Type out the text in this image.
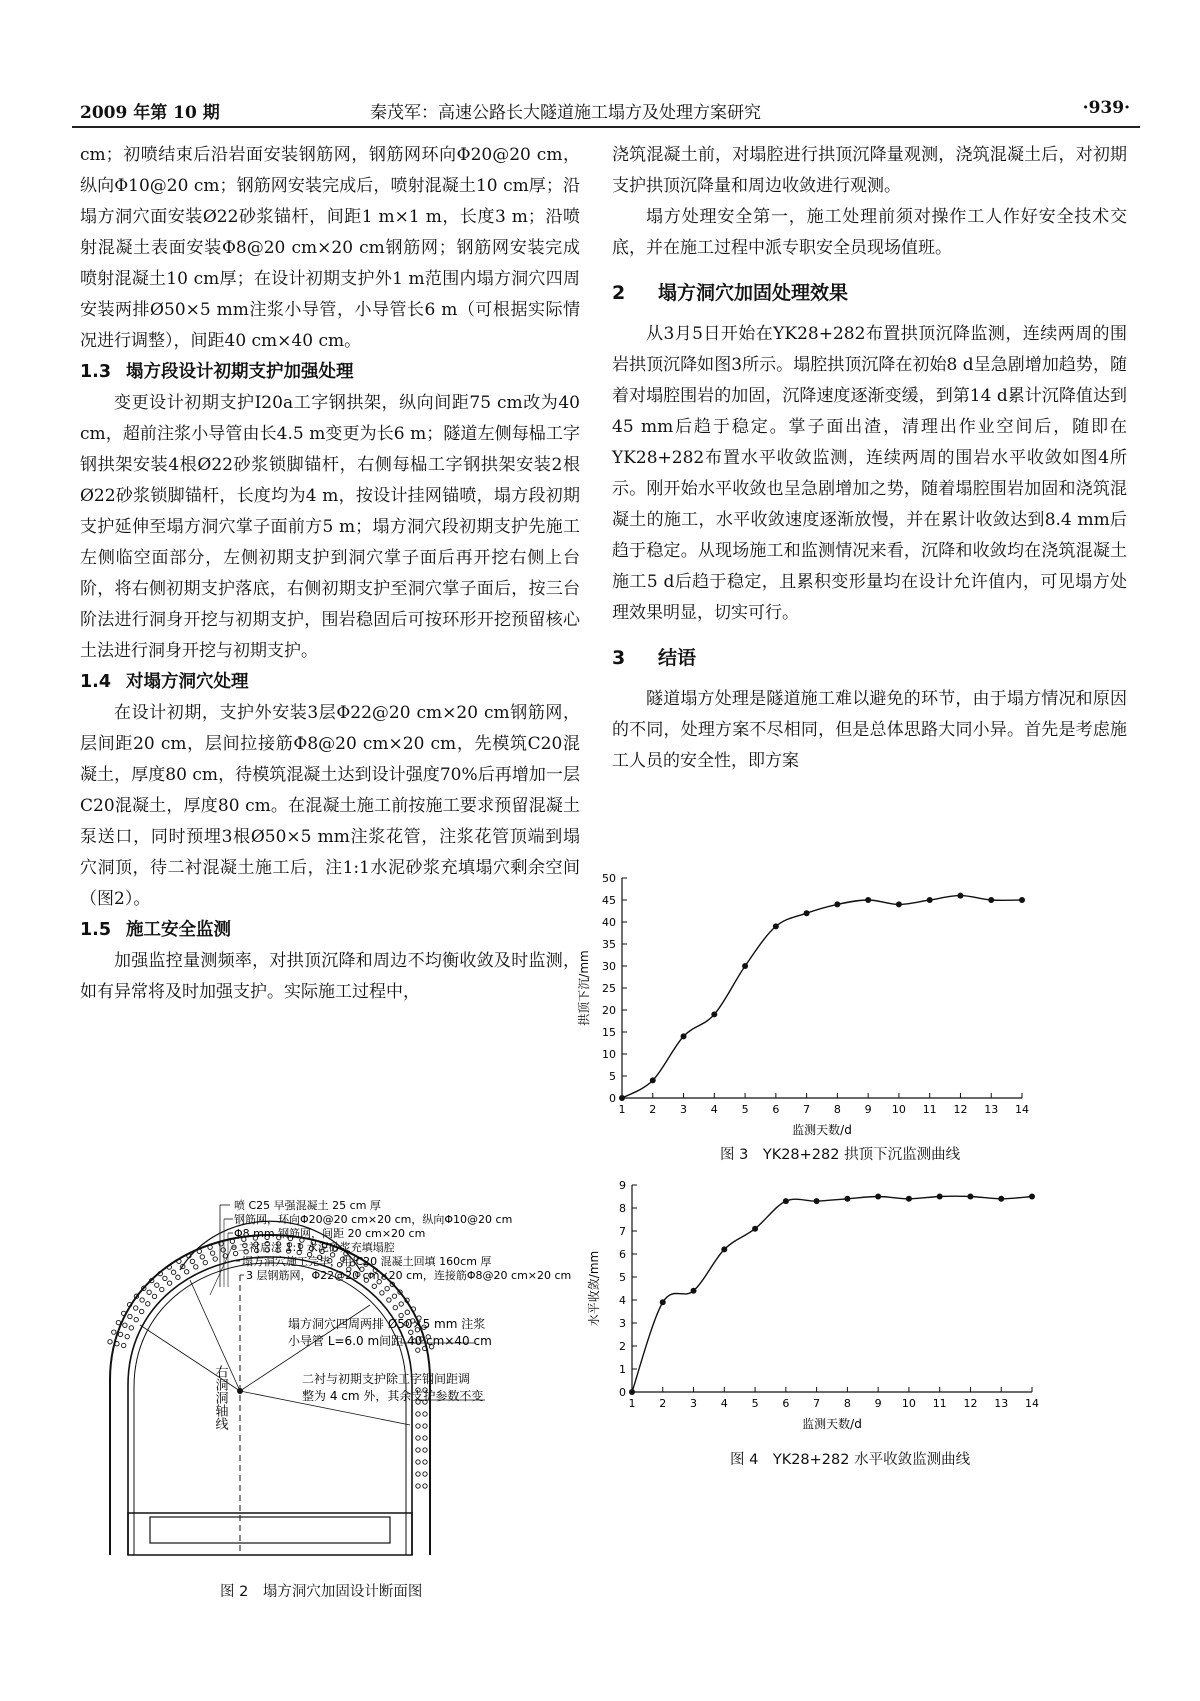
2009 年第 10 期	秦茂军：高速公路长大隧道施工塌方及处理方案研究	·939·

cm；初喷结束后沿岩面安装钢筋网，钢筋网环向Φ20@20 cm，纵向Φ10@20 cm；钢筋网安装完成后，喷射混凝土10 cm厚；沿塌方洞穴面安装Ø22砂浆锚杆，间距1 m×1 m，长度3 m；沿喷射混凝土表面安装Φ8@20 cm×20 cm钢筋网；钢筋网安装完成喷射混凝土10 cm厚；在设计初期支护外1 m范围内塌方洞穴四周安装两排Ø50×5 mm注浆小导管，小导管长6 m（可根据实际情况进行调整），间距40 cm×40 cm。

1.3 塌方段设计初期支护加强处理

变更设计初期支护I20a工字钢拱架，纵向间距75 cm改为40 cm，超前注浆小导管由长4.5 m变更为长6 m；隧道左侧每榀工字钢拱架安装4根Ø22砂浆锁脚锚杆，右侧每榀工字钢拱架安装2根Ø22砂浆锁脚锚杆，长度均为4 m，按设计挂网锚喷，塌方段初期支护延伸至塌方洞穴掌子面前方5 m；塌方洞穴段初期支护先施工左侧临空面部分，左侧初期支护到洞穴掌子面后再开挖右侧上台阶，将右侧初期支护落底，右侧初期支护至洞穴掌子面后，按三台阶法进行洞身开挖与初期支护，围岩稳固后可按环形开挖预留核心土法进行洞身开挖与初期支护。

1.4 对塌方洞穴处理

在设计初期，支护外安装3层Φ22@20 cm×20 cm钢筋网，层间距20 cm，层间拉接筋Φ8@20 cm×20 cm，先模筑C20混凝土，厚度80 cm，待模筑混凝土达到设计强度70%后再增加一层C20混凝土，厚度80 cm。在混凝土施工前按施工要求预留混凝土泵送口，同时预埋3根Ø50×5 mm注浆花管，注浆花管顶端到塌穴洞顶，待二衬混凝土施工后，注1:1水泥砂浆充填塌穴剩余空间（图2）。

1.5 施工安全监测

加强监控量测频率，对拱顶沉降和周边不均衡收敛及时监测，如有异常将及时加强支护。实际施工过程中，

浇筑混凝土前，对塌腔进行拱顶沉降量观测，浇筑混凝土后，对初期支护拱顶沉降量和周边收敛进行观测。

塌方处理安全第一，施工处理前须对操作工人作好安全技术交底，并在施工过程中派专职安全员现场值班。

2 塌方洞穴加固处理效果

从3月5日开始在YK28+282布置拱顶沉降监测，连续两周的围岩拱顶沉降如图3所示。塌腔拱顶沉降在初始8 d呈急剧增加趋势，随着对塌腔围岩的加固，沉降速度逐渐变缓，到第14 d累计沉降值达到45 mm后趋于稳定。掌子面出渣，清理出作业空间后，随即在YK28+282布置水平收敛监测，连续两周的围岩水平收敛如图4所示。刚开始水平收敛也呈急剧增加之势，随着塌腔围岩加固和浇筑混凝土的施工，水平收敛速度逐渐放慢，并在累计收敛达到8.4 mm后趋于稳定。从现场施工和监测情况来看，沉降和收敛均在浇筑混凝土施工5 d后趋于稳定，且累积变形量均在设计允许值内，可见塌方处理效果明显，切实可行。

3 结语

隧道塌方处理是隧道施工难以避免的环节，由于塌方情况和原因的不同，处理方案不尽相同，但是总体思路大同小异。首先是考虑施工人员的安全性，即方案

右洞洞轴线
喷 C25 早强混凝土 25 cm 厚
钢筋网，环向Φ20@20 cm×20 cm，纵向Φ10@20 cm
Φ8 mm 钢筋网，间距 20 cm×20 cm
二衬后注 1:1 水泥砂浆充填塌腔
塌方洞穴施工完毕，用 C20 混凝土回填 160cm 厚
3 层钢筋网，Φ22@20 cm×20 cm，连接筋Φ8@20 cm×20 cm
塌方洞穴四周两排 Ø50×5 mm 注浆
小导管 L=6.0 m间距 40 cm×40 cm
二衬与初期支护除工字钢间距调
整为 4 cm 外，其余支护参数不变
图 2　塌方洞穴加固设计断面图
0
5
10
15
20
25
30
35
40
45
50
1 2 3 4 5 6 7 8 9 10 11 12 13 14
监测天数/d
拱顶下沉/mm
图 3　YK28+282 拱顶下沉监测曲线
0
1
2
3
4
5
6
7
8
9
1 2 3 4 5 6 7 8 9 10 11 12 13 14
监测天数/d
水平收敛/mm
图 4　YK28+282 水平收敛监测曲线
